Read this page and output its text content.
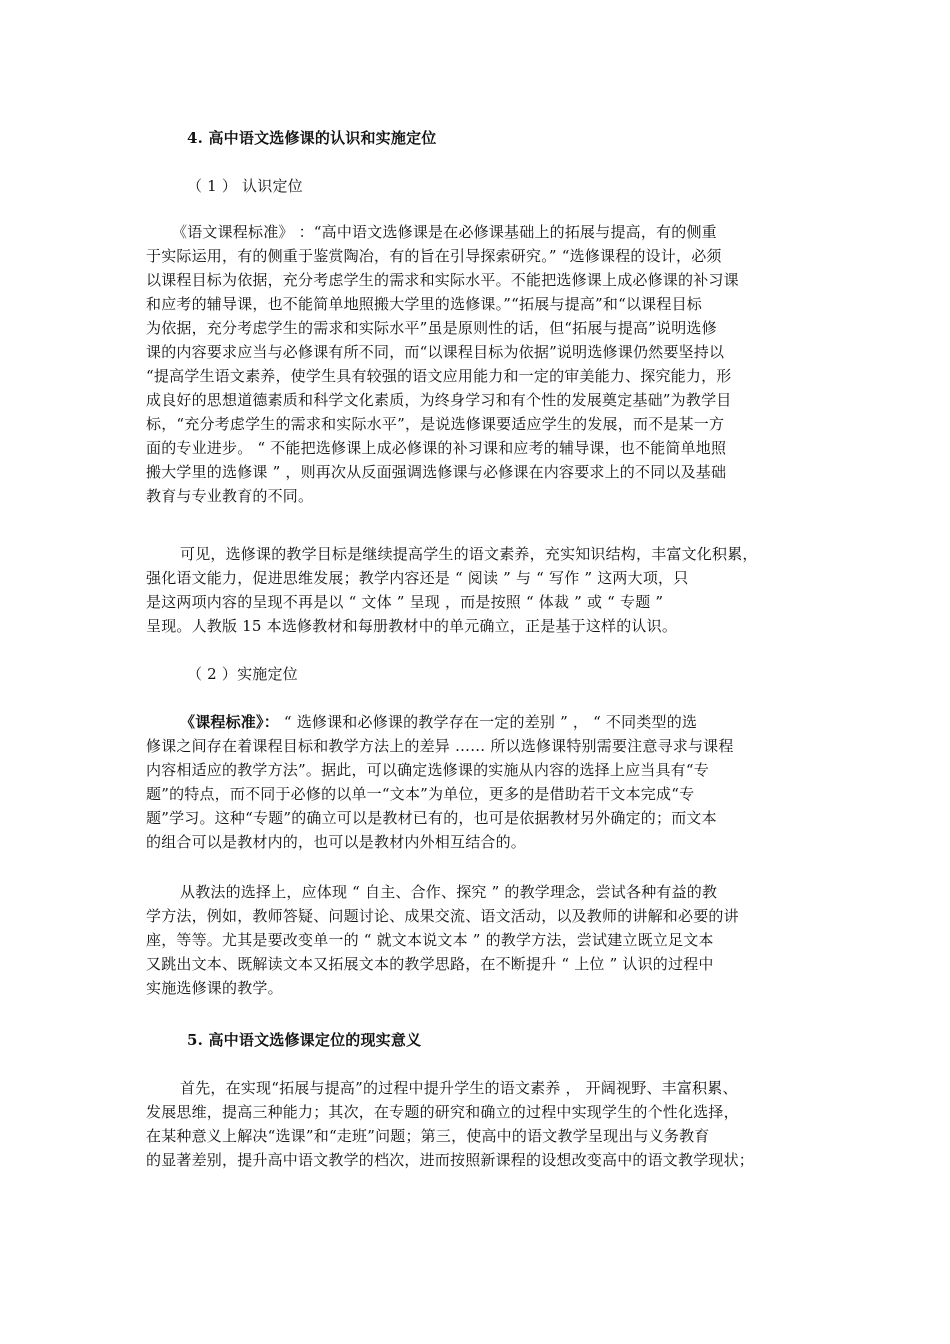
4. 高中语文选修课的认识和实施定位
（ 1 ） 认识定位
《语文课程标准》 ：“高中语文选修课是在必修课基础上的拓展与提高，有的侧重
于实际运用，有的侧重于鉴赏陶冶，有的旨在引导探索研究。” “选修课程的设计，必须
以课程目标为依据，充分考虑学生的需求和实际水平。不能把选修课上成必修课的补习课
和应考的辅导课，也不能简单地照搬大学里的选修课。”“拓展与提高”和“以课程目标
为依据，充分考虑学生的需求和实际水平”虽是原则性的话，但“拓展与提高”说明选修
课的内容要求应当与必修课有所不同，而“以课程目标为依据”说明选修课仍然要坚持以
“提高学生语文素养，使学生具有较强的语文应用能力和一定的审美能力、探究能力，形
成良好的思想道德素质和科学文化素质，为终身学习和有个性的发展奠定基础”为教学目
标，“充分考虑学生的需求和实际水平”，是说选修课要适应学生的发展，而不是某一方
面的专业进步。 “ 不能把选修课上成必修课的补习课和应考的辅导课，也不能简单地照
搬大学里的选修课 ” ，则再次从反面强调选修课与必修课在内容要求上的不同以及基础
教育与专业教育的不同。
可见，选修课的教学目标是继续提高学生的语文素养，充实知识结构，丰富文化积累，
强化语文能力，促进思维发展；教学内容还是 “ 阅读 ” 与 “ 写作 ” 这两大项，只
是这两项内容的呈现不再是以 “ 文体 ” 呈现 ，而是按照 “ 体裁 ” 或 “ 专题 ”
呈现。人教版 15 本选修教材和每册教材中的单元确立，正是基于这样的认识。
（ 2 ）实施定位
《课程标准》： “ 选修课和必修课的教学存在一定的差别 ” ， “ 不同类型的选
修课之间存在着课程目标和教学方法上的差异 …… 所以选修课特别需要注意寻求与课程
内容相适应的教学方法”。据此，可以确定选修课的实施从内容的选择上应当具有“专
题”的特点，而不同于必修的以单一“文本”为单位，更多的是借助若干文本完成“专
题”学习。这种“专题”的确立可以是教材已有的，也可是依据教材另外确定的；而文本
的组合可以是教材内的，也可以是教材内外相互结合的。
从教法的选择上，应体现 “ 自主、合作、探究 ” 的教学理念，尝试各种有益的教
学方法，例如，教师答疑、问题讨论、成果交流、语文活动，以及教师的讲解和必要的讲
座，等等。尤其是要改变单一的 “ 就文本说文本 ” 的教学方法，尝试建立既立足文本
又跳出文本、既解读文本又拓展文本的教学思路，在不断提升 “ 上位 ” 认识的过程中
实施选修课的教学。
5. 高中语文选修课定位的现实意义
首先，在实现“拓展与提高”的过程中提升学生的语文素养 ， 开阔视野、丰富积累、
发展思维，提高三种能力；其次，在专题的研究和确立的过程中实现学生的个性化选择，
在某种意义上解决“选课”和“走班”问题；第三，使高中的语文教学呈现出与义务教育
的显著差别，提升高中语文教学的档次，进而按照新课程的设想改变高中的语文教学现状；
